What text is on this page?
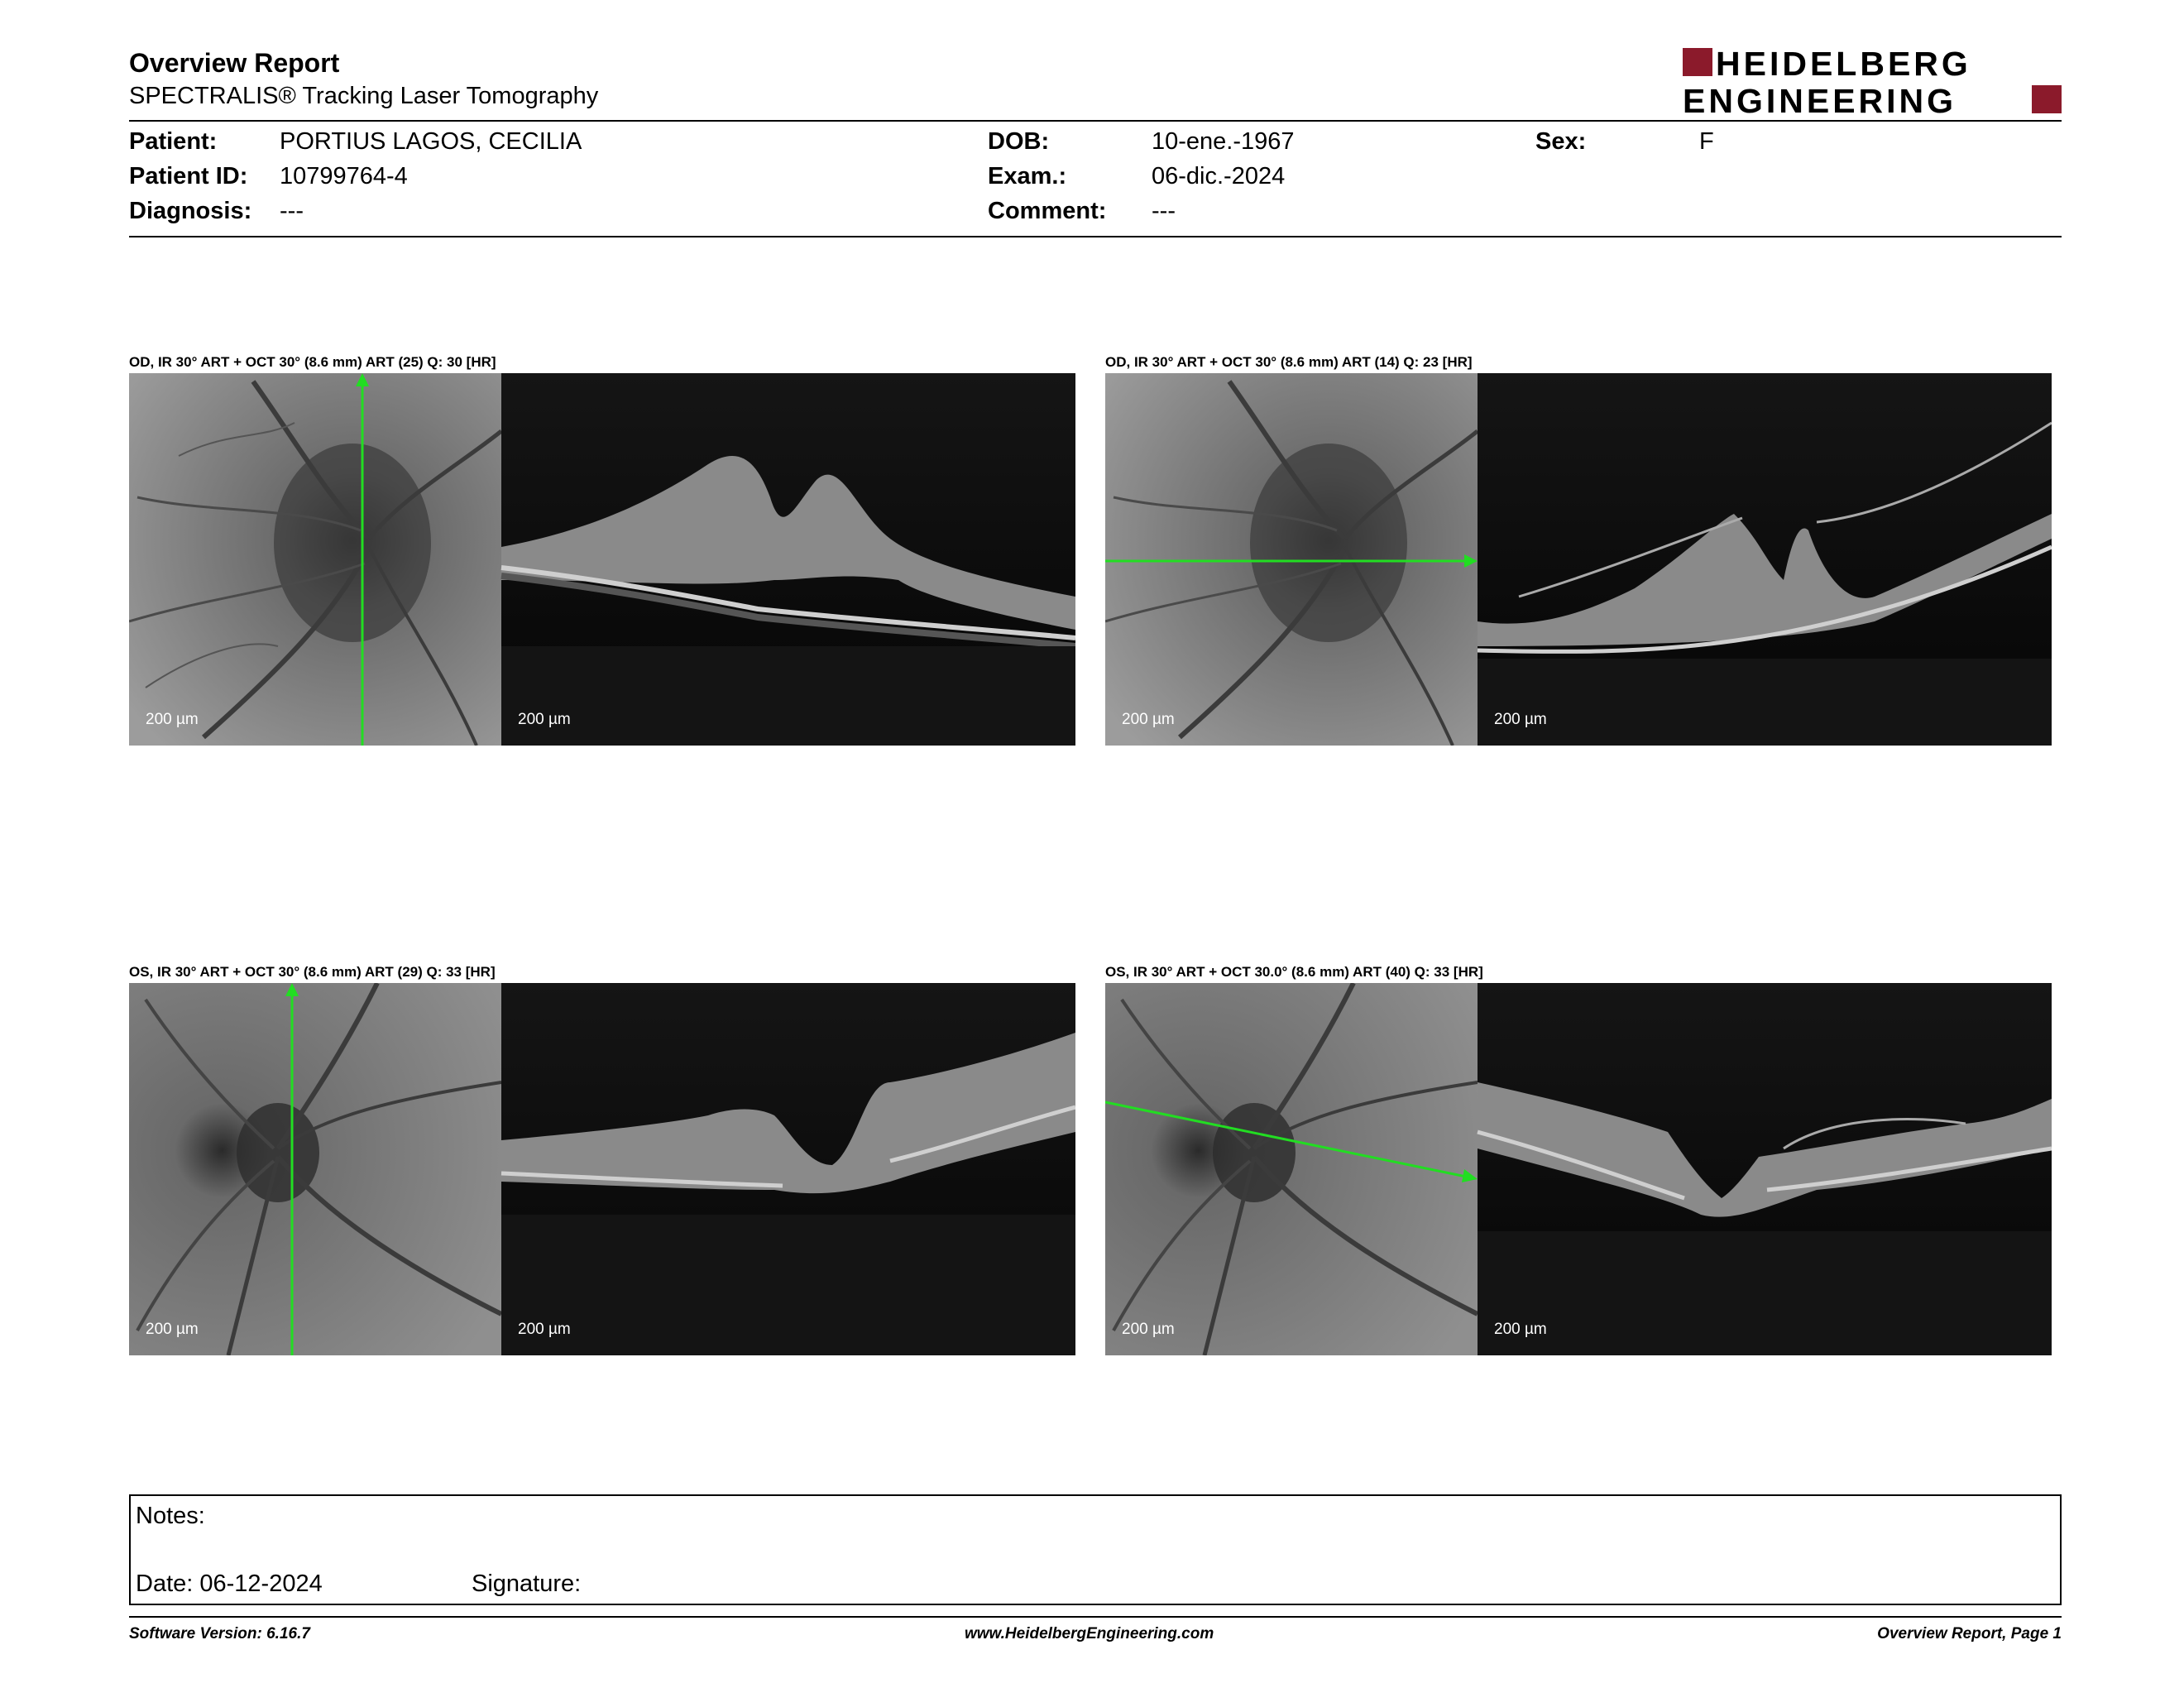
Overview Report
SPECTRALIS® Tracking Laser Tomography
HEIDELBERG
ENGINEERING
Patient:	PORTIUS LAGOS, CECILIA
Patient ID: 10799764-4
Diagnosis: ---
DOB:	10-ene.-1967
Exam.:	06-dic.-2024
Comment: ---
Sex:	F
OD, IR 30° ART + OCT 30° (8.6 mm) ART (25) Q: 30 [HR]
200 µm	200 µm
OD, IR 30° ART + OCT 30° (8.6 mm) ART (14) Q: 23 [HR]
200 µm	200 µm
OS, IR 30° ART + OCT 30° (8.6 mm) ART (29) Q: 33 [HR]
200 µm	200 µm
OS, IR 30° ART + OCT 30.0° (8.6 mm) ART (40) Q: 33 [HR]
200 µm	200 µm
Notes:
Date: 06-12-2024	Signature:
Software Version: 6.16.7	www.HeidelbergEngineering.com	Overview Report, Page 1
